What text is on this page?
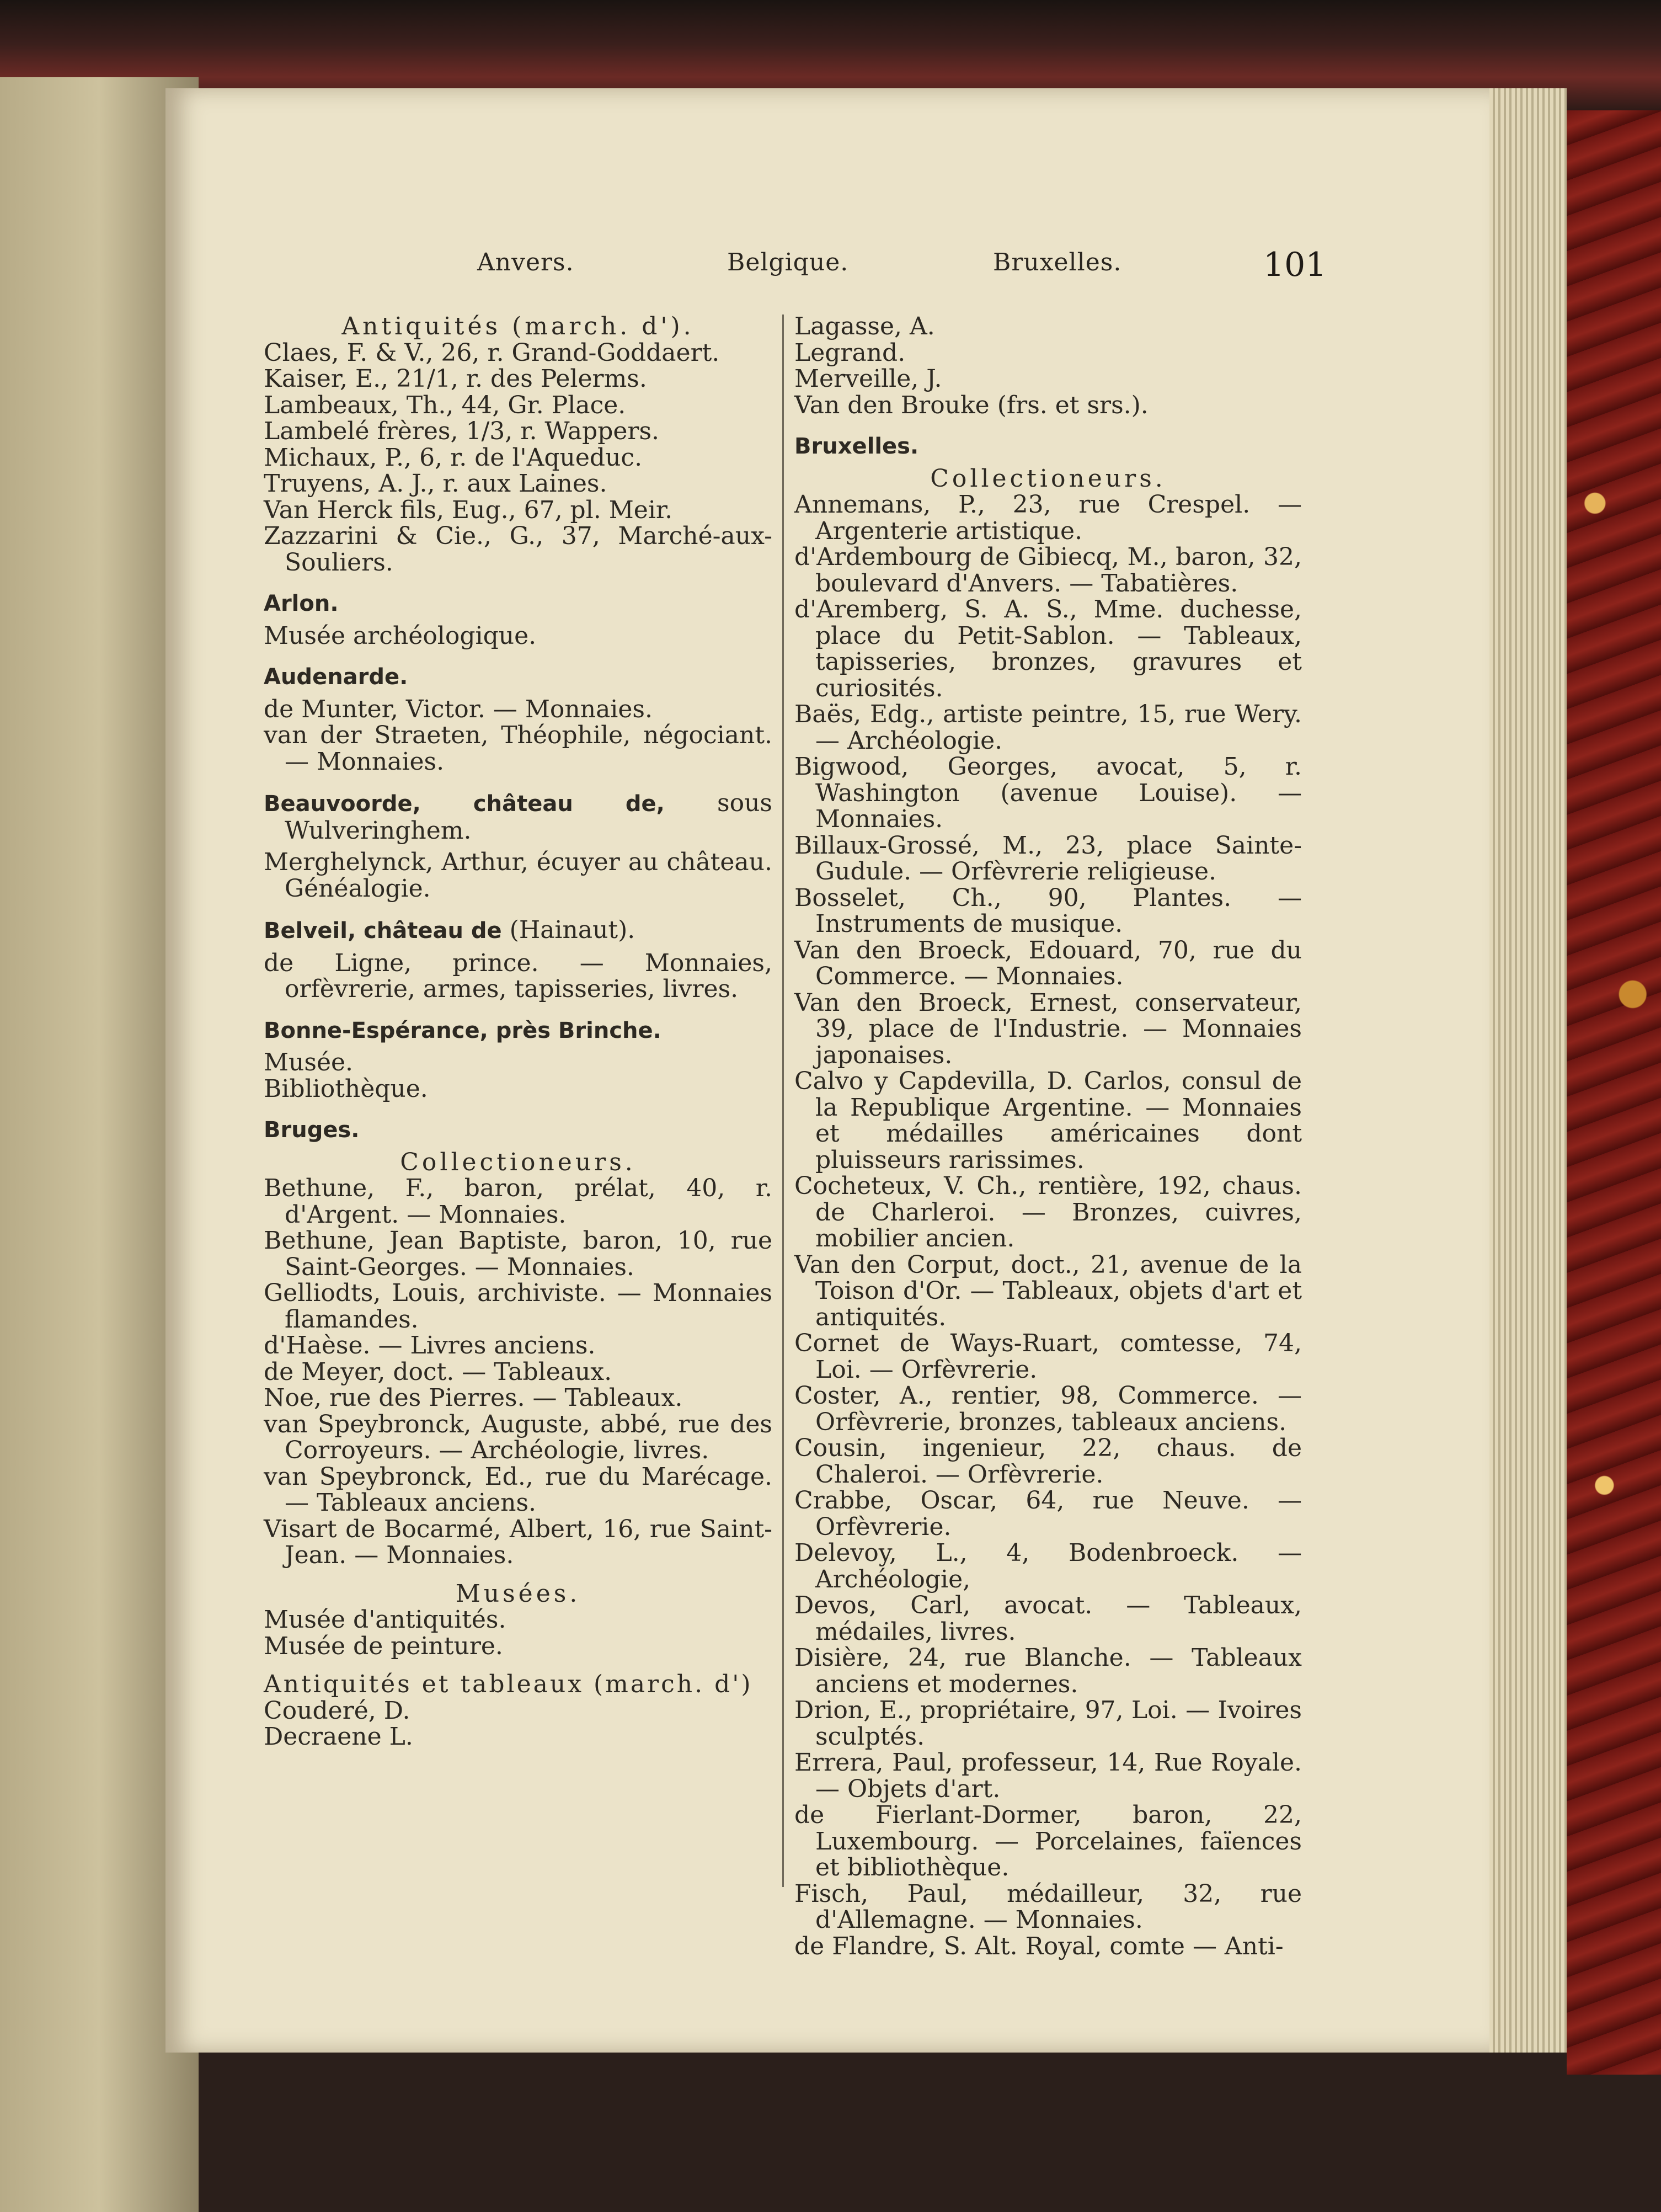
Anvers.	Belgique.	Bruxelles.	101
Antiquités (march. d').
Claes, F. & V., 26, r. Grand-Goddaert.
Kaiser, E., 21/1, r. des Pelerms.
Lambeaux, Th., 44, Gr. Place.
Lambelé frères, 1/3, r. Wappers.
Michaux, P., 6, r. de l'Aqueduc.
Truyens, A. J., r. aux Laines.
Van Herck fils, Eug., 67, pl. Meir.
Zazzarini & Cie., G., 37, Marché-aux-Souliers.
Arlon.
Musée archéologique.
Audenarde.
de Munter, Victor. — Monnaies.
van der Straeten, Théophile, négociant. — Monnaies.
Beauvoorde, château de, sous Wulveringhem.
Merghelynck, Arthur, écuyer au château. Généalogie.
Belveil, château de (Hainaut).
de Ligne, prince. — Monnaies, orfèvrerie, armes, tapisseries, livres.
Bonne-Espérance, près Brinche.
Musée.
Bibliothèque.
Bruges.
Collectioneurs.
Bethune, F., baron, prélat, 40, r. d'Argent. — Monnaies.
Bethune, Jean Baptiste, baron, 10, rue Saint-Georges. — Monnaies.
Gelliodts, Louis, archiviste. — Monnaies flamandes.
d'Haèse. — Livres anciens.
de Meyer, doct. — Tableaux.
Noe, rue des Pierres. — Tableaux.
van Speybronck, Auguste, abbé, rue des Corroyeurs. — Archéologie, livres.
van Speybronck, Ed., rue du Marécage. — Tableaux anciens.
Visart de Bocarmé, Albert, 16, rue Saint-Jean. — Monnaies.
Musées.
Musée d'antiquités.
Musée de peinture.
Antiquités et tableaux (march. d')
Couderé, D.
Decraene L.
Lagasse, A.
Legrand.
Merveille, J.
Van den Brouke (frs. et srs.).
Bruxelles.
Collectioneurs.
Annemans, P., 23, rue Crespel. — Argenterie artistique.
d'Ardembourg de Gibiecq, M., baron, 32, boulevard d'Anvers. — Tabatières.
d'Aremberg, S. A. S., Mme. duchesse, place du Petit-Sablon. — Tableaux, tapisseries, bronzes, gravures et curiosités.
Baës, Edg., artiste peintre, 15, rue Wery. — Archéologie.
Bigwood, Georges, avocat, 5, r. Washington (avenue Louise). — Monnaies.
Billaux-Grossé, M., 23, place Sainte-Gudule. — Orfèvrerie religieuse.
Bosselet, Ch., 90, Plantes. — Instruments de musique.
Van den Broeck, Edouard, 70, rue du Commerce. — Monnaies.
Van den Broeck, Ernest, conservateur, 39, place de l'Industrie. — Monnaies japonaises.
Calvo y Capdevilla, D. Carlos, consul de la Republique Argentine. — Monnaies et médailles américaines dont pluisseurs rarissimes.
Cocheteux, V. Ch., rentière, 192, chaus. de Charleroi. — Bronzes, cuivres, mobilier ancien.
Van den Corput, doct., 21, avenue de la Toison d'Or. — Tableaux, objets d'art et antiquités.
Cornet de Ways-Ruart, comtesse, 74, Loi. — Orfèvrerie.
Coster, A., rentier, 98, Commerce. — Orfèvrerie, bronzes, tableaux anciens.
Cousin, ingenieur, 22, chaus. de Chaleroi. — Orfèvrerie.
Crabbe, Oscar, 64, rue Neuve. — Orfèvrerie.
Delevoy, L., 4, Bodenbroeck. — Archéologie,
Devos, Carl, avocat. — Tableaux, médailes, livres.
Disière, 24, rue Blanche. — Tableaux anciens et modernes.
Drion, E., propriétaire, 97, Loi. — Ivoires sculptés.
Errera, Paul, professeur, 14, Rue Royale. — Objets d'art.
de Fierlant-Dormer, baron, 22, Luxembourg. — Porcelaines, faïences et bibliothèque.
Fisch, Paul, médailleur, 32, rue d'Allemagne. — Monnaies.
de Flandre, S. Alt. Royal, comte — Anti-
